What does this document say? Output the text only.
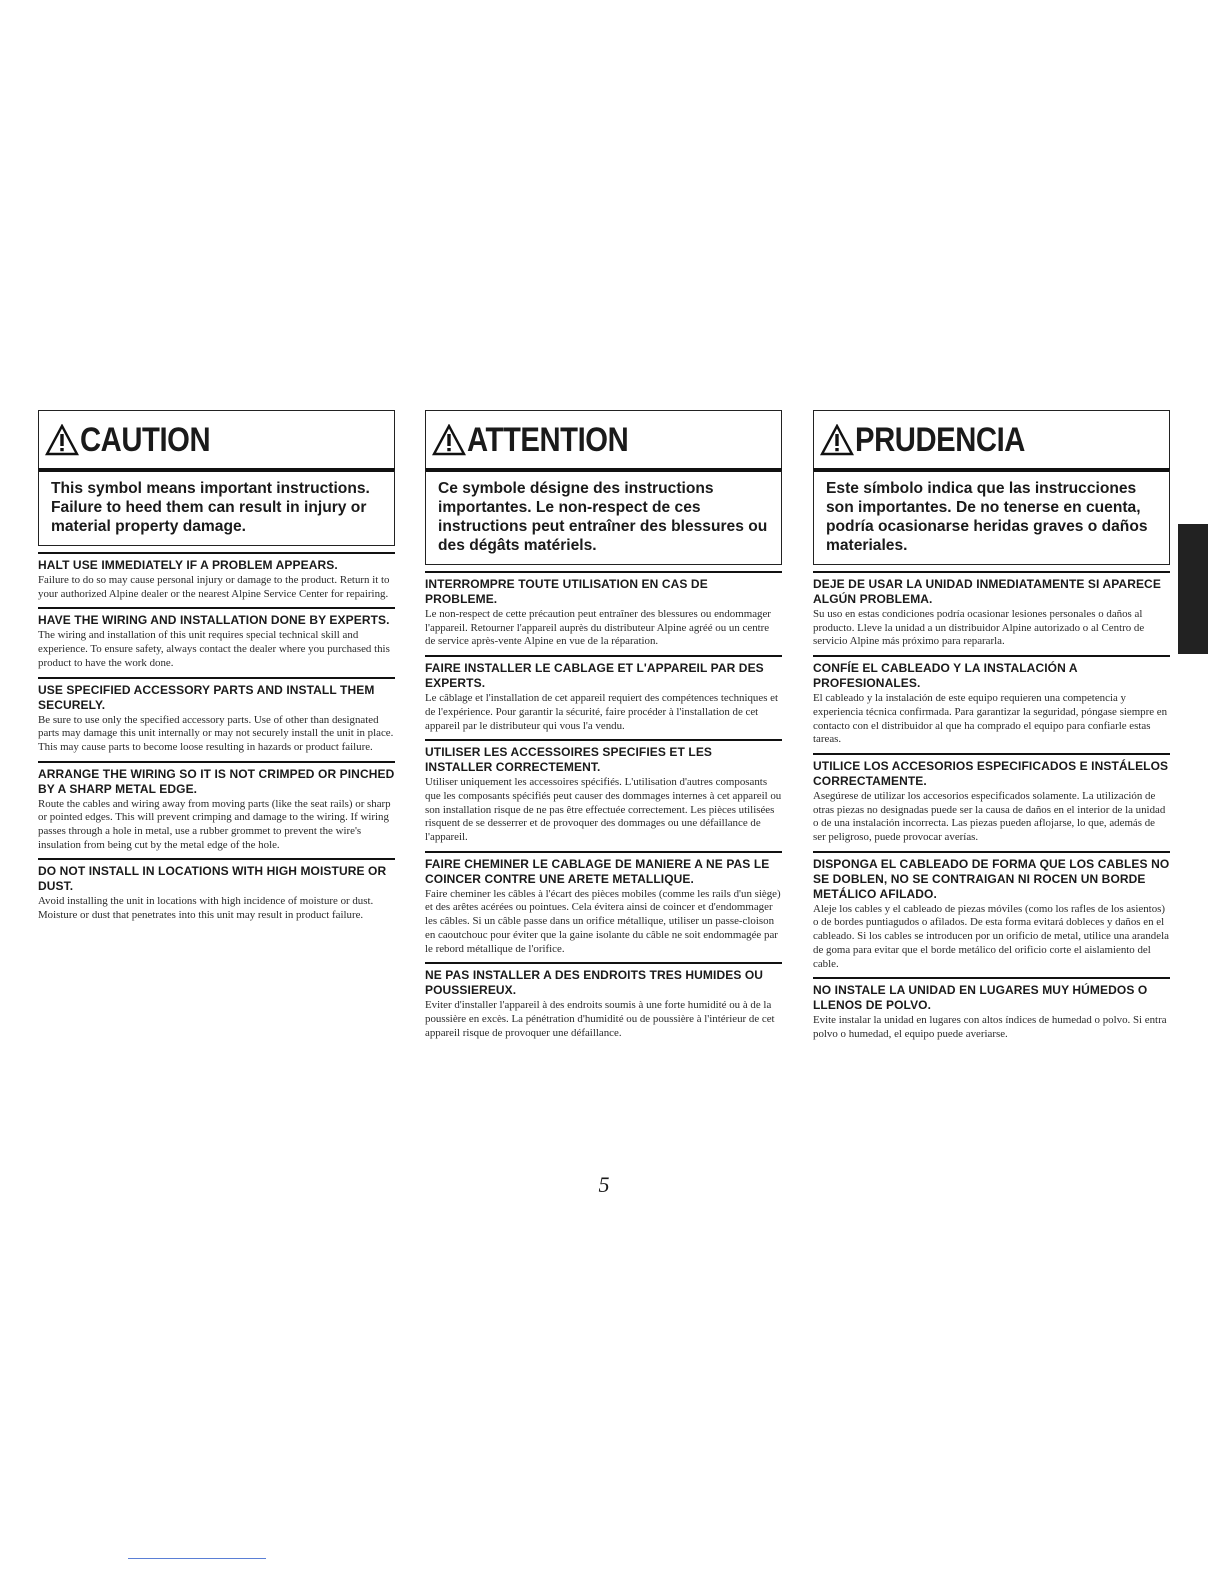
CAUTION
This symbol means important instructions. Failure to heed them can result in injury or material property damage.

HALT USE IMMEDIATELY IF A PROBLEM APPEARS.

Failure to do so may cause personal injury or damage to the product. Return it to your authorized Alpine dealer or the nearest Alpine Service Center for repairing.

HAVE THE WIRING AND INSTALLATION DONE BY EXPERTS.

The wiring and installation of this unit requires special technical skill and experience. To ensure safety, always contact the dealer where you purchased this product to have the work done.

USE SPECIFIED ACCESSORY PARTS AND INSTALL THEM SECURELY.

Be sure to use only the specified accessory parts. Use of other than designated parts may damage this unit internally or may not securely install the unit in place. This may cause parts to become loose resulting in hazards or product failure.

ARRANGE THE WIRING SO IT IS NOT CRIMPED OR PINCHED BY A SHARP METAL EDGE.

Route the cables and wiring away from moving parts (like the seat rails) or sharp or pointed edges. This will prevent crimping and damage to the wiring. If wiring passes through a hole in metal, use a rubber grommet to prevent the wire's insulation from being cut by the metal edge of the hole.

DO NOT INSTALL IN LOCATIONS WITH HIGH MOISTURE OR DUST.

Avoid installing the unit in locations with high incidence of moisture or dust. Moisture or dust that penetrates into this unit may result in product failure.

ATTENTION
Ce symbole désigne des instructions importantes. Le non-respect de ces instructions peut entraîner des blessures ou des dégâts matériels.

INTERROMPRE TOUTE UTILISATION EN CAS DE PROBLEME.

Le non-respect de cette précaution peut entraîner des blessures ou endommager l'appareil. Retourner l'appareil auprès du distributeur Alpine agréé ou un centre de service après-vente Alpine en vue de la réparation.

FAIRE INSTALLER LE CABLAGE ET L'APPAREIL PAR DES EXPERTS.

Le câblage et l'installation de cet appareil requiert des compétences techniques et de l'expérience. Pour garantir la sécurité, faire procéder à l'installation de cet appareil par le distributeur qui vous l'a vendu.

UTILISER LES ACCESSOIRES SPECIFIES ET LES INSTALLER CORRECTEMENT.

Utiliser uniquement les accessoires spécifiés. L'utilisation d'autres composants que les composants spécifiés peut causer des dommages internes à cet appareil ou son installation risque de ne pas être effectuée correctement. Les pièces utilisées risquent de se desserrer et de provoquer des dommages ou une défaillance de l'appareil.

FAIRE CHEMINER LE CABLAGE DE MANIERE A NE PAS LE COINCER CONTRE UNE ARETE METALLIQUE.

Faire cheminer les câbles à l'écart des pièces mobiles (comme les rails d'un siège) et des arêtes acérées ou pointues. Cela évitera ainsi de coincer et d'endommager les câbles. Si un câble passe dans un orifice métallique, utiliser un passe-cloison en caoutchouc pour éviter que la gaine isolante du câble ne soit endommagée par le rebord métallique de l'orifice.

NE PAS INSTALLER A DES ENDROITS TRES HUMIDES OU POUSSIEREUX.

Eviter d'installer l'appareil à des endroits soumis à une forte humidité ou à de la poussière en excès. La pénétration d'humidité ou de poussière à l'intérieur de cet appareil risque de provoquer une défaillance.

PRUDENCIA
Este símbolo indica que las instrucciones son importantes. De no tenerse en cuenta, podría ocasionarse heridas graves o daños materiales.

DEJE DE USAR LA UNIDAD INMEDIATAMENTE SI APARECE ALGÚN PROBLEMA.

Su uso en estas condiciones podría ocasionar lesiones personales o daños al producto. Lleve la unidad a un distribuidor Alpine autorizado o al Centro de servicio Alpine más próximo para repararla.

CONFÍE EL CABLEADO Y LA INSTALACIÓN A PROFESIONALES.

El cableado y la instalación de este equipo requieren una competencia y experiencia técnica confirmada. Para garantizar la seguridad, póngase siempre en contacto con el distribuidor al que ha comprado el equipo para confiarle estas tareas.

UTILICE LOS ACCESORIOS ESPECIFICADOS E INSTÁLELOS CORRECTAMENTE.

Asegúrese de utilizar los accesorios especificados solamente. La utilización de otras piezas no designadas puede ser la causa de daños en el interior de la unidad o de una instalación incorrecta. Las piezas pueden aflojarse, lo que, además de ser peligroso, puede provocar averías.

DISPONGA EL CABLEADO DE FORMA QUE LOS CABLES NO SE DOBLEN, NO SE CONTRAIGAN NI ROCEN UN BORDE METÁLICO AFILADO.

Aleje los cables y el cableado de piezas móviles (como los rafles de los asientos) o de bordes puntiagudos o afilados. De esta forma evitará dobleces y daños en el cableado. Si los cables se introducen por un orificio de metal, utilice una arandela de goma para evitar que el borde metálico del orificio corte el aislamiento del cable.

NO INSTALE LA UNIDAD EN LUGARES MUY HÚMEDOS O LLENOS DE POLVO.

Evite instalar la unidad en lugares con altos índices de humedad o polvo. Si entra polvo o humedad, el equipo puede averiarse.

5
